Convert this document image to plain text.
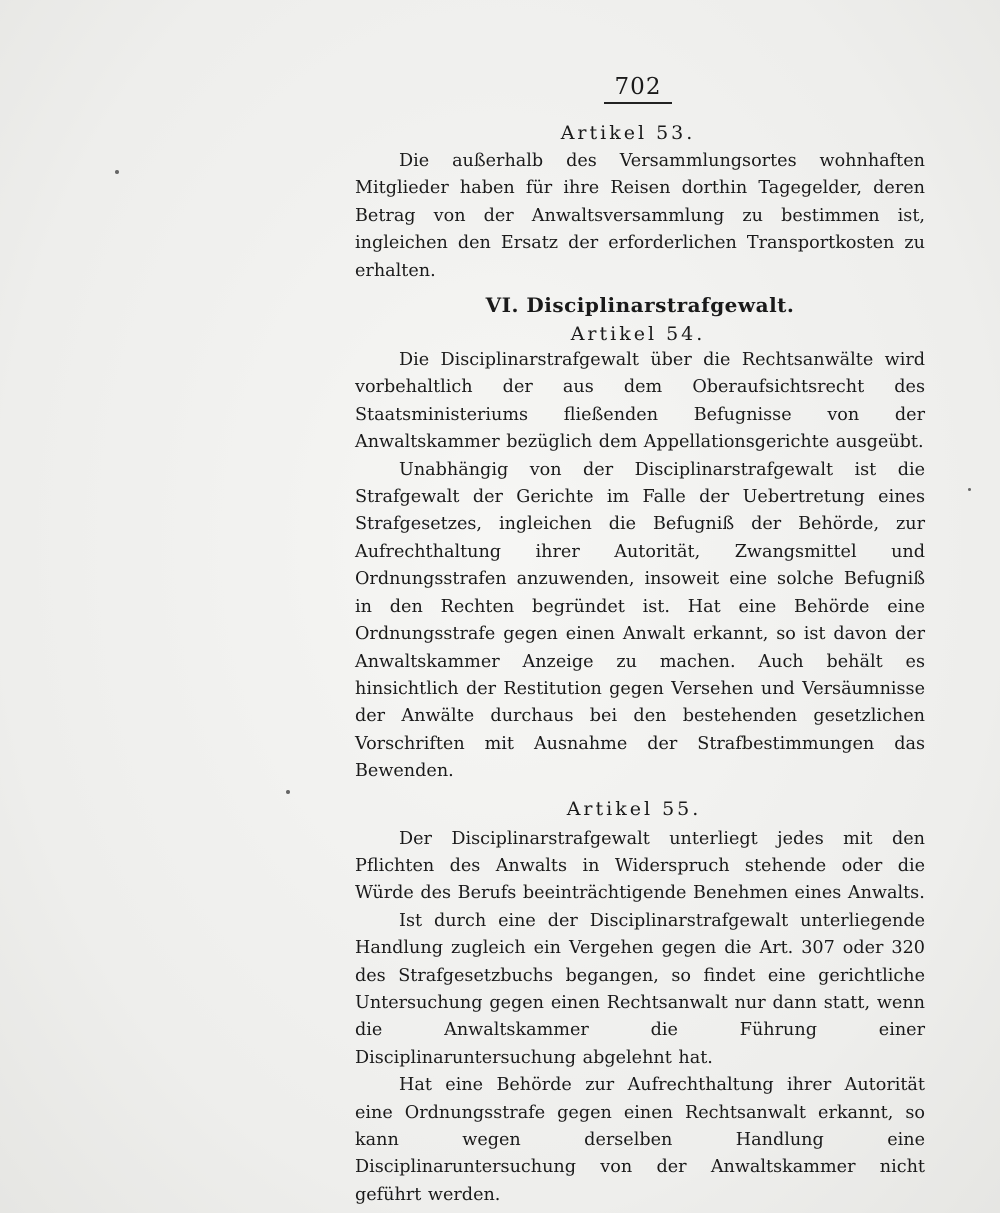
702
Artikel 53.

Die außerhalb des Versammlungsortes wohnhaften Mitglieder haben für ihre Reisen dorthin Tagegelder, deren Betrag von der Anwaltsversammlung zu bestimmen ist, ingleichen den Ersatz der erforderlichen Transportkosten zu erhalten.

VI. Disciplinarstrafgewalt.
Artikel 54.

Die Disciplinarstrafgewalt über die Rechtsanwälte wird vorbehaltlich der aus dem Oberaufsichtsrecht des Staatsministeriums fließenden Befugnisse von der Anwaltskammer bezüglich dem Appellationsgerichte ausgeübt.

Unabhängig von der Disciplinarstrafgewalt ist die Strafgewalt der Gerichte im Falle der Uebertretung eines Strafgesetzes, ingleichen die Befugniß der Behörde, zur Aufrechthaltung ihrer Autorität, Zwangsmittel und Ordnungsstrafen anzuwenden, insoweit eine solche Befugniß in den Rechten begründet ist. Hat eine Behörde eine Ordnungsstrafe gegen einen Anwalt erkannt, so ist davon der Anwaltskammer Anzeige zu machen. Auch behält es hinsichtlich der Restitution gegen Versehen und Versäumnisse der Anwälte durchaus bei den bestehenden gesetzlichen Vorschriften mit Ausnahme der Strafbestimmungen das Bewenden.

Artikel 55.

Der Disciplinarstrafgewalt unterliegt jedes mit den Pflichten des Anwalts in Widerspruch stehende oder die Würde des Berufs beeinträchtigende Benehmen eines Anwalts.

Ist durch eine der Disciplinarstrafgewalt unterliegende Handlung zugleich ein Vergehen gegen die Art. 307 oder 320 des Strafgesetzbuchs begangen, so findet eine gerichtliche Untersuchung gegen einen Rechtsanwalt nur dann statt, wenn die Anwaltskammer die Führung einer Disciplinaruntersuchung abgelehnt hat.

Hat eine Behörde zur Aufrechthaltung ihrer Autorität eine Ordnungsstrafe gegen einen Rechtsanwalt erkannt, so kann wegen derselben Handlung eine Disciplinaruntersuchung von der Anwaltskammer nicht geführt werden.
